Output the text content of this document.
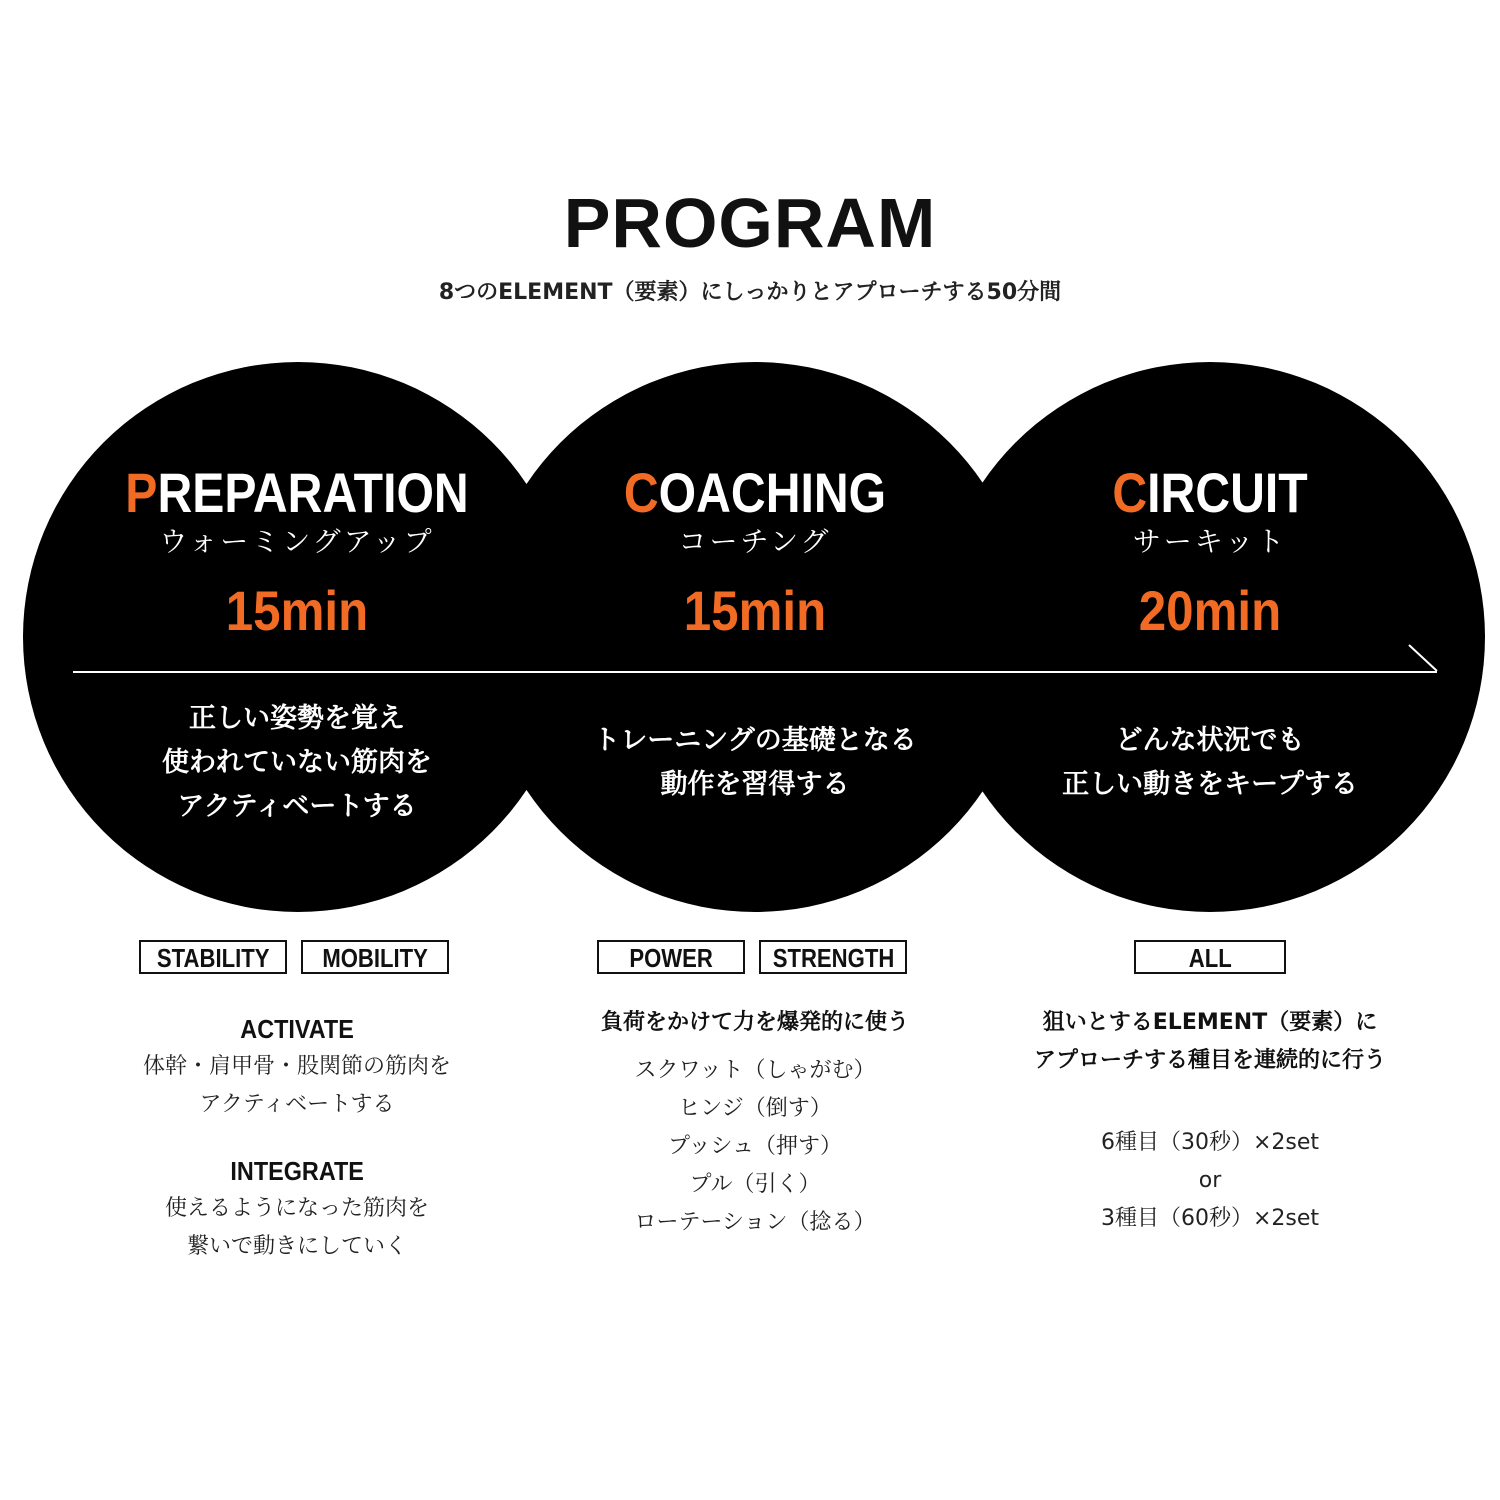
PROGRAM
8つのELEMENT（要素）にしっかりとアプローチする50分間
PREPARATION
ウォーミングアップ
15min
正しい姿勢を覚え
使われていない筋肉を
アクティベートする
STABILITY	MOBILITY
ACTIVATE
体幹・肩甲骨・股関節の筋肉を
アクティベートする
INTEGRATE
使えるようになった筋肉を
繋いで動きにしていく
COACHING
コーチング
15min
トレーニングの基礎となる
動作を習得する
POWER	STRENGTH
負荷をかけて力を爆発的に使う
スクワット（しゃがむ）
ヒンジ（倒す）
プッシュ（押す）
プル（引く）
ローテーション（捻る）
CIRCUIT
サーキット
20min
どんな状況でも
正しい動きをキープする
ALL
狙いとするELEMENT（要素）に
アプローチする種目を連続的に行う
6種目（30秒）×2set
or
3種目（60秒）×2set
